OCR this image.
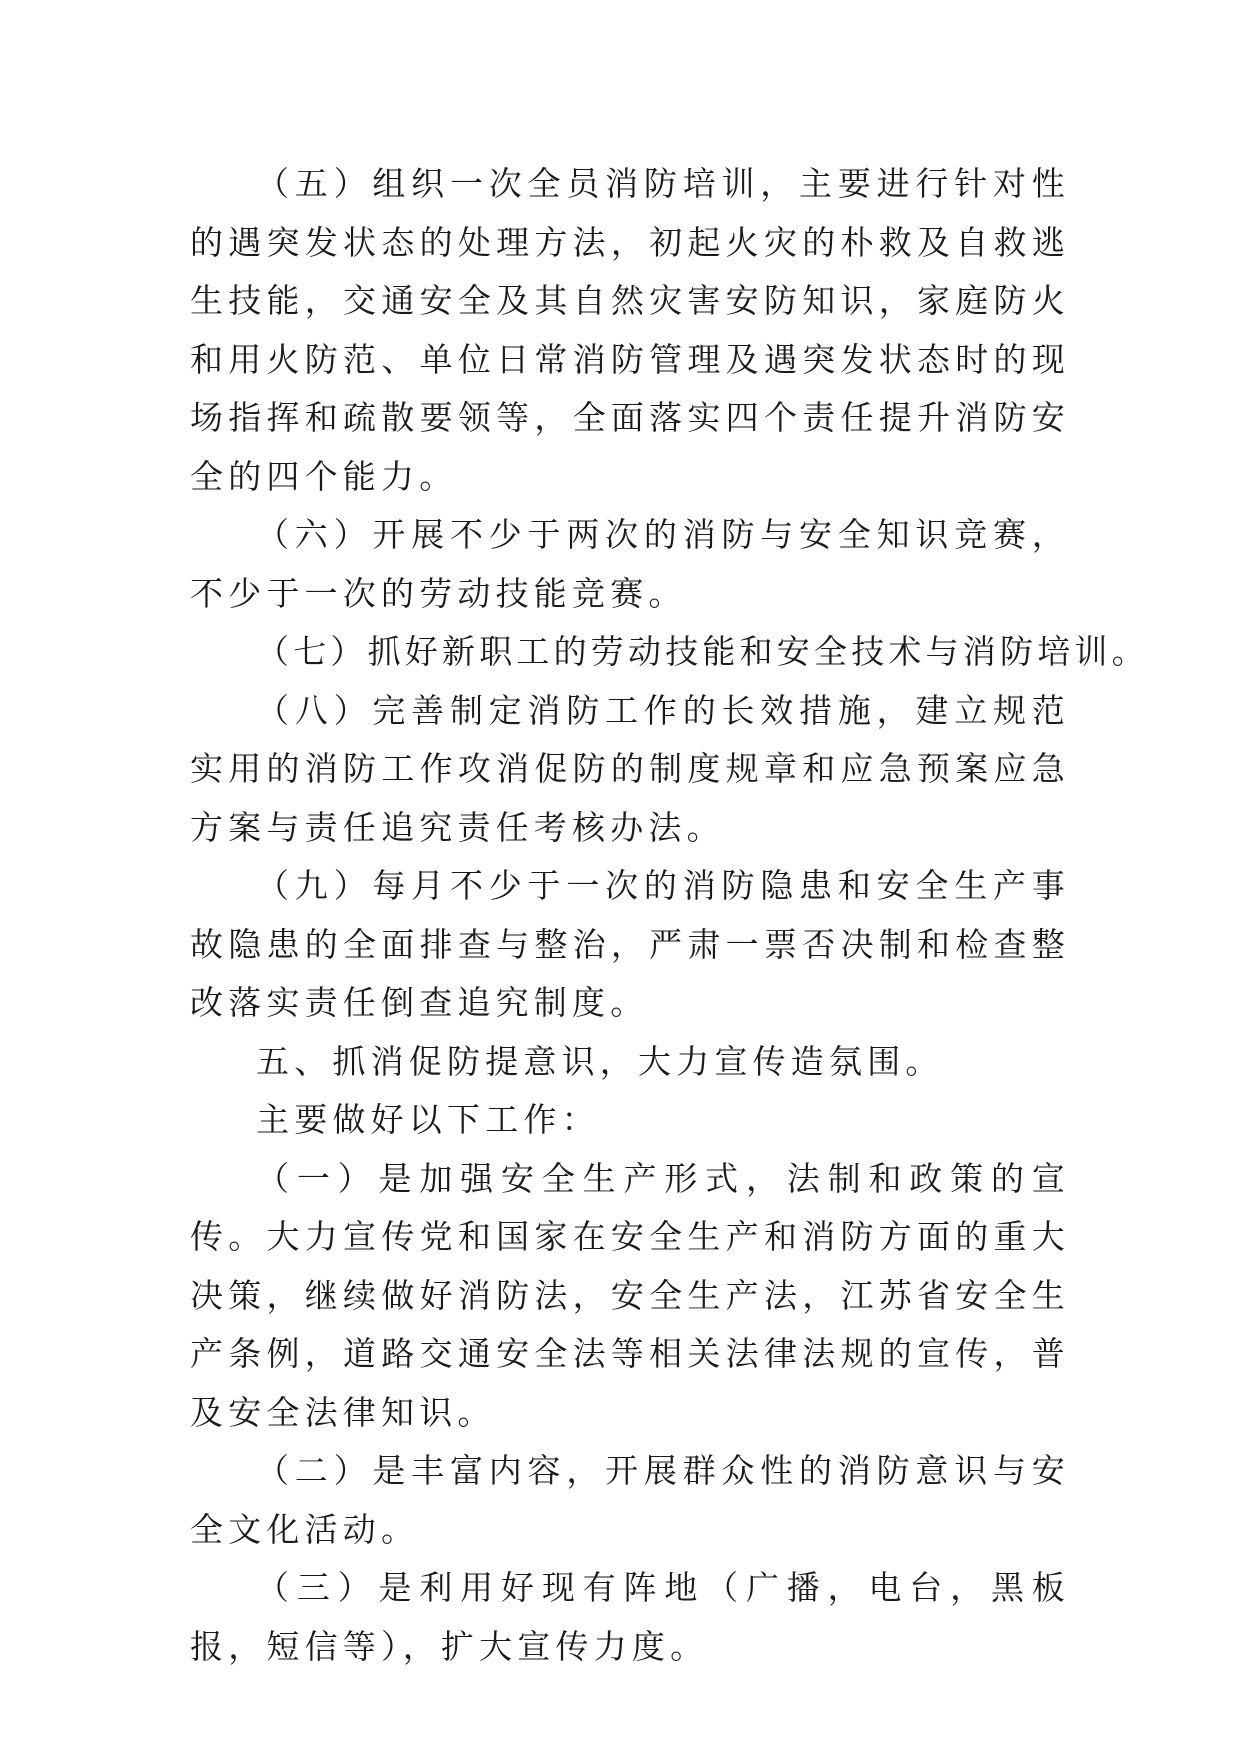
（五）组织一次全员消防培训，主要进行针对性的遇突发状态的处理方法，初起火灾的朴救及自救逃生技能，交通安全及其自然灾害安防知识，家庭防火和用火防范、单位日常消防管理及遇突发状态时的现场指挥和疏散要领等，全面落实四个责任提升消防安全的四个能力。

（六）开展不少于两次的消防与安全知识竞赛，不少于一次的劳动技能竞赛。

（七）抓好新职工的劳动技能和安全技术与消防培训。

（八）完善制定消防工作的长效措施，建立规范实用的消防工作攻消促防的制度规章和应急预案应急方案与责任追究责任考核办法。

（九）每月不少于一次的消防隐患和安全生产事故隐患的全面排查与整治，严肃一票否决制和检查整改落实责任倒查追究制度。

五、抓消促防提意识，大力宣传造氛围。

主要做好以下工作：

（一）是加强安全生产形式，法制和政策的宣传。大力宣传党和国家在安全生产和消防方面的重大决策，继续做好消防法，安全生产法，江苏省安全生产条例，道路交通安全法等相关法律法规的宣传，普及安全法律知识。

（二）是丰富内容，开展群众性的消防意识与安全文化活动。

（三）是利用好现有阵地（广播，电台，黑板报，短信等），扩大宣传力度。
